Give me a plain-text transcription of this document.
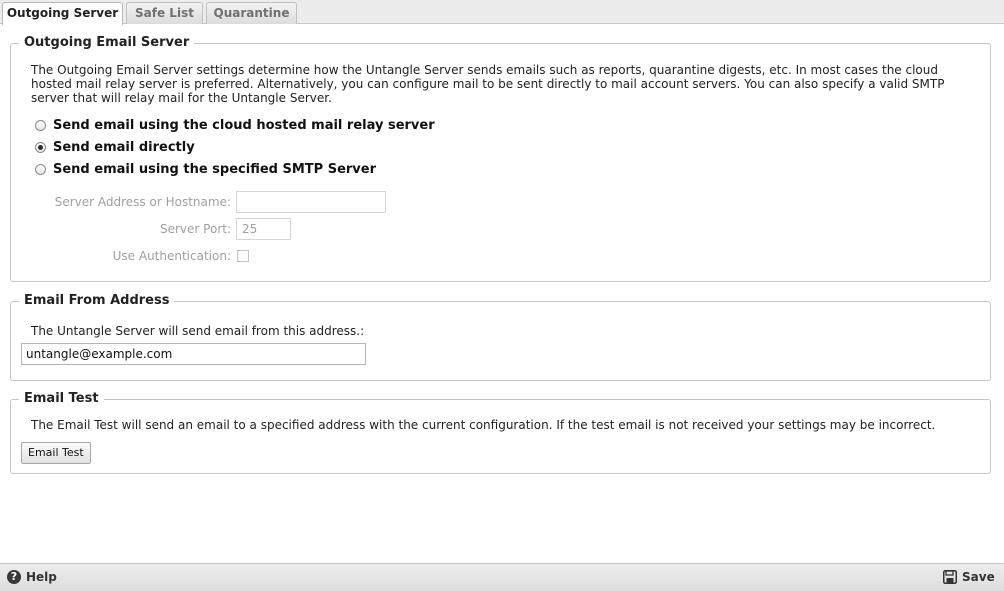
Outgoing Server	Safe List	Quarantine
Outgoing Email Server
The Outgoing Email Server settings determine how the Untangle Server sends emails such as reports, quarantine digests, etc. In most cases the cloud hosted mail relay server is preferred. Alternatively, you can configure mail to be sent directly to mail account servers. You can also specify a valid SMTP server that will relay mail for the Untangle Server.
Send email using the cloud hosted mail relay server
Send email directly
Send email using the specified SMTP Server
Server Address or Hostname:
Server Port: 25
Use Authentication:
Email From Address
The Untangle Server will send email from this address.:
untangle@example.com
Email Test
The Email Test will send an email to a specified address with the current configuration. If the test email is not received your settings may be incorrect.
Email Test
? Help	Save
